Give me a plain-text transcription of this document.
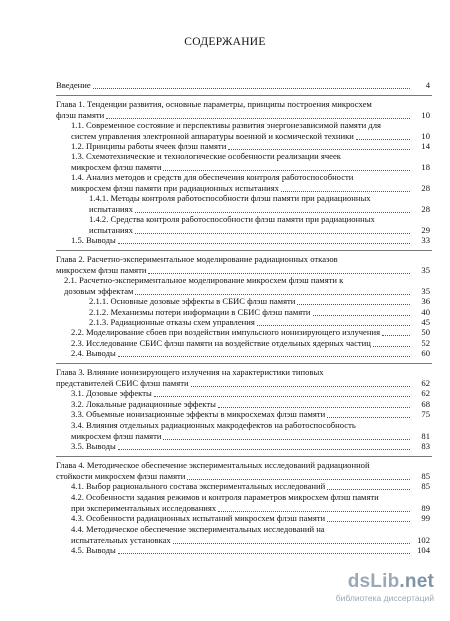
СОДЕРЖАНИЕ
Введение	4
Глава 1. Тенденции развития, основные параметры, принципы построения микросхем
флэш памяти	10
1.1. Современное состояние и перспективы развития энергонезависимой памяти для
систем управления электронной аппаратуры военной и космической техники	10
1.2. Принципы работы ячеек флэш памяти	14
1.3. Схемотехнические и технологические особенности реализации ячеек
микросхем флэш памяти	18
1.4. Анализ методов и средств для обеспечения контроля работоспособности
микросхем флэш памяти при радиационных испытаниях	28
1.4.1. Методы контроля работоспособности флэш памяти при радиационных
испытаниях	28
1.4.2. Средства контроля работоспособности флэш памяти при радиационных
испытаниях	29
1.5. Выводы	33
Глава 2. Расчетно-экспериментальное моделирование радиационных отказов
микросхем флэш памяти	35
2.1. Расчетно-экспериментальное моделирование микросхем флэш памяти к
дозовым эффектам	35
2.1.1. Основные дозовые эффекты в СБИС флэш памяти	36
2.1.2. Механизмы потери информации в СБИС флэш памяти	40
2.1.3. Радиационные отказы схем управления	45
2.2. Моделирование сбоев при воздействии импульсного ионизирующего излучения	50
2.3. Исследование СБИС флэш памяти на воздействие отдельных ядерных частиц	52
2.4. Выводы	60
Глава 3. Влияние ионизирующего излучения на характеристики типовых
представителей СБИС флэш памяти	62
3.1. Дозовые эффекты	62
3.2. Локальные радиационные эффекты	68
3.3. Объемные ионизационные эффекты в микросхемах флэш памяти	75
3.4. Влияния отдельных радиационных макродефектов на работоспособность
микросхем флэш памяти	81
3.5. Выводы	83
Глава 4. Методическое обеспечение экспериментальных исследований радиационной
стойкости микросхем флэш памяти	85
4.1. Выбор рационального состава экспериментальных исследований	85
4.2. Особенности задания режимов и контроля параметров микросхем флэш памяти
при экспериментальных исследованиях	89
4.3. Особенности радиационных испытаний микросхем флэш памяти	99
4.4. Методическое обеспечение экспериментальных исследований на
испытательных установках	102
4.5. Выводы	104
dsLib.net
библиотека диссертаций
